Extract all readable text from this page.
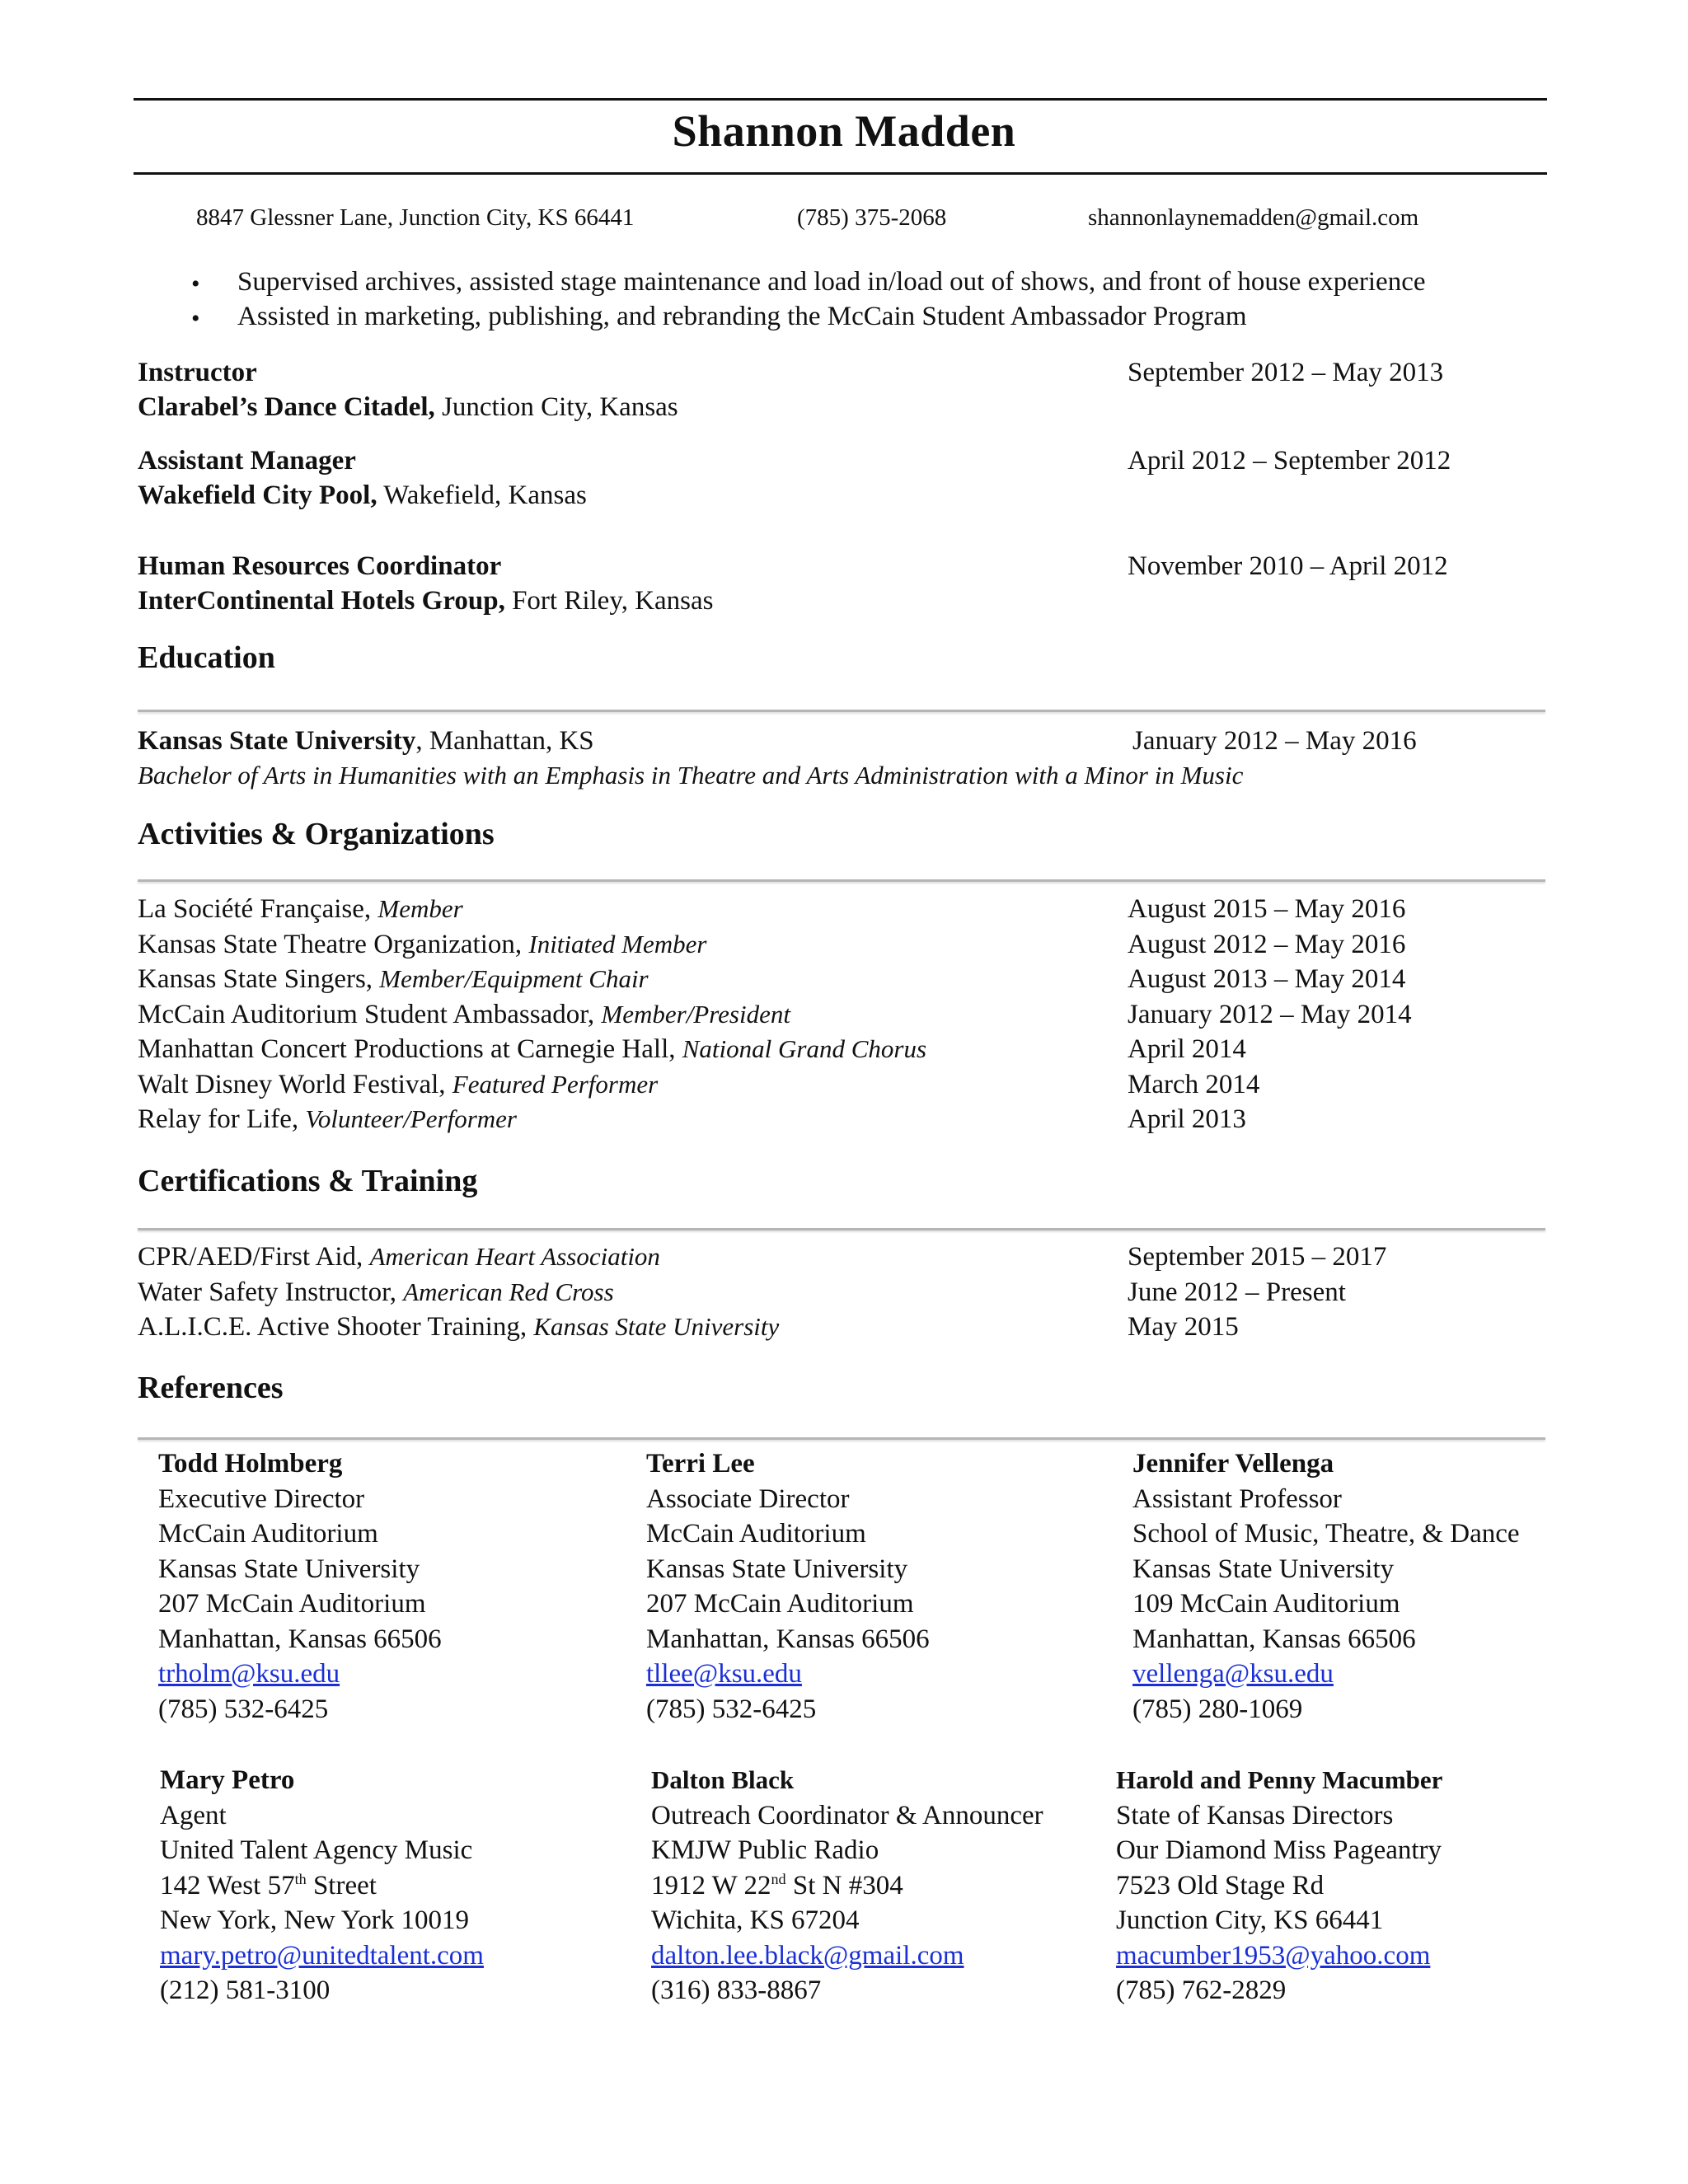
Shannon Madden
8847 Glessner Lane, Junction City, KS 66441	(785) 375-2068	shannonlaynemadden@gmail.com
• Supervised archives, assisted stage maintenance and load in/load out of shows, and front of house experience
• Assisted in marketing, publishing, and rebranding the McCain Student Ambassador Program
Instructor	September 2012 – May 2013
Clarabel’s Dance Citadel, Junction City, Kansas
Assistant Manager	April 2012 – September 2012
Wakefield City Pool, Wakefield, Kansas
Human Resources Coordinator	November 2010 – April 2012
InterContinental Hotels Group, Fort Riley, Kansas
Education
Kansas State University, Manhattan, KS	January 2012 – May 2016
Bachelor of Arts in Humanities with an Emphasis in Theatre and Arts Administration with a Minor in Music
Activities & Organizations
La Société Française, Member	August 2015 – May 2016
Kansas State Theatre Organization, Initiated Member	August 2012 – May 2016
Kansas State Singers, Member/Equipment Chair	August 2013 – May 2014
McCain Auditorium Student Ambassador, Member/President	January 2012 – May 2014
Manhattan Concert Productions at Carnegie Hall, National Grand Chorus	April 2014
Walt Disney World Festival, Featured Performer	March 2014
Relay for Life, Volunteer/Performer	April 2013
Certifications & Training
CPR/AED/First Aid, American Heart Association	September 2015 – 2017
Water Safety Instructor, American Red Cross	June 2012 – Present
A.L.I.C.E. Active Shooter Training, Kansas State University	May 2015
References
Todd Holmberg
Executive Director
McCain Auditorium
Kansas State University
207 McCain Auditorium
Manhattan, Kansas 66506
trholm@ksu.edu
(785) 532-6425
Terri Lee
Associate Director
McCain Auditorium
Kansas State University
207 McCain Auditorium
Manhattan, Kansas 66506
tllee@ksu.edu
(785) 532-6425
Jennifer Vellenga
Assistant Professor
School of Music, Theatre, & Dance
Kansas State University
109 McCain Auditorium
Manhattan, Kansas 66506
vellenga@ksu.edu
(785) 280-1069
Mary Petro
Agent
United Talent Agency Music
142 West 57th Street
New York, New York 10019
mary.petro@unitedtalent.com
(212) 581-3100
Dalton Black
Outreach Coordinator & Announcer
KMJW Public Radio
1912 W 22nd St N #304
Wichita, KS 67204
dalton.lee.black@gmail.com
(316) 833-8867
Harold and Penny Macumber
State of Kansas Directors
Our Diamond Miss Pageantry
7523 Old Stage Rd
Junction City, KS 66441
macumber1953@yahoo.com
(785) 762-2829
